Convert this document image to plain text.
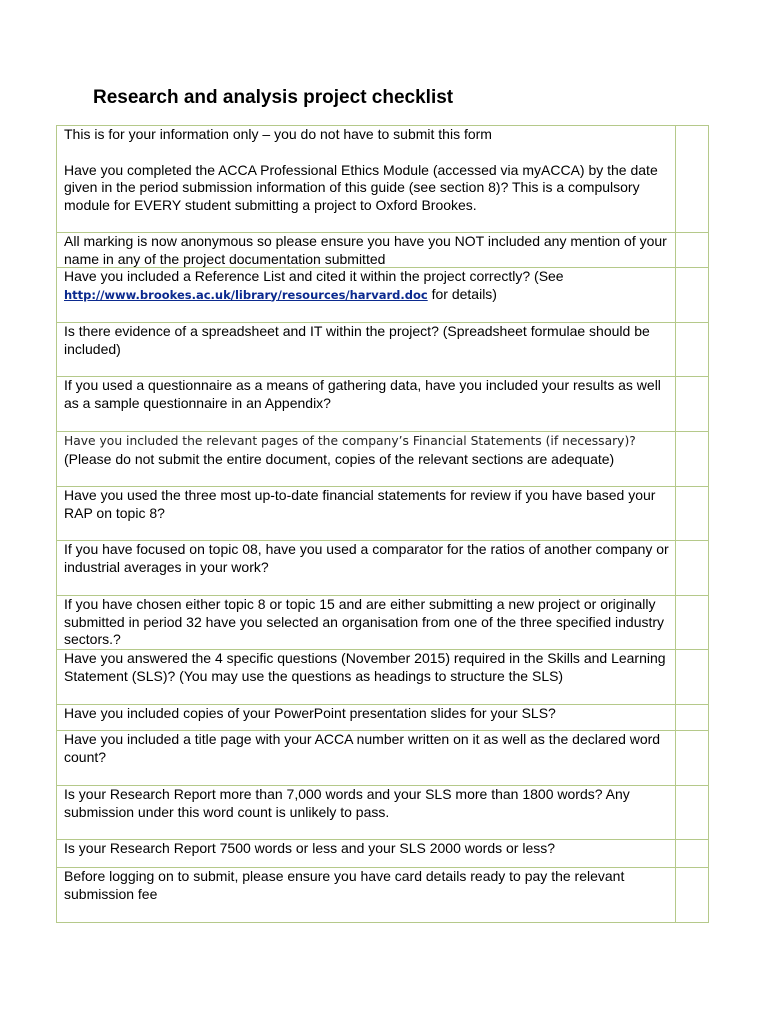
Research and analysis project checklist

This is for your information only – you do not have to submit this form

Have you completed the ACCA Professional Ethics Module (accessed via myACCA) by the date given in the period submission information of this guide (see section 8)? This is a compulsory module for EVERY student submitting a project to Oxford Brookes.

All marking is now anonymous so please ensure you have you NOT included any mention of your name in any of the project documentation submitted

Have you included a Reference List and cited it within the project correctly? (See
http://www.brookes.ac.uk/library/resources/harvard.doc for details)

Is there evidence of a spreadsheet and IT within the project? (Spreadsheet formulae should be included)

If you used a questionnaire as a means of gathering data, have you included your results as well as a sample questionnaire in an Appendix?

Have you included the relevant pages of the company’s Financial Statements (if necessary)?
(Please do not submit the entire document, copies of the relevant sections are adequate)

Have you used the three most up-to-date financial statements for review if you have based your RAP on topic 8?

If you have focused on topic 08, have you used a comparator for the ratios of another company or industrial averages in your work?

If you have chosen either topic 8 or topic 15 and are either submitting a new project or originally submitted in period 32 have you selected an organisation from one of the three specified industry sectors.?

Have you answered the 4 specific questions (November 2015) required in the Skills and Learning Statement (SLS)? (You may use the questions as headings to structure the SLS)

Have you included copies of your PowerPoint presentation slides for your SLS?

Have you included a title page with your ACCA number written on it as well as the declared word count?

Is your Research Report more than 7,000 words and your SLS more than 1800 words? Any submission under this word count is unlikely to pass.

Is your Research Report 7500 words or less and your SLS 2000 words or less?

Before logging on to submit, please ensure you have card details ready to pay the relevant submission fee
